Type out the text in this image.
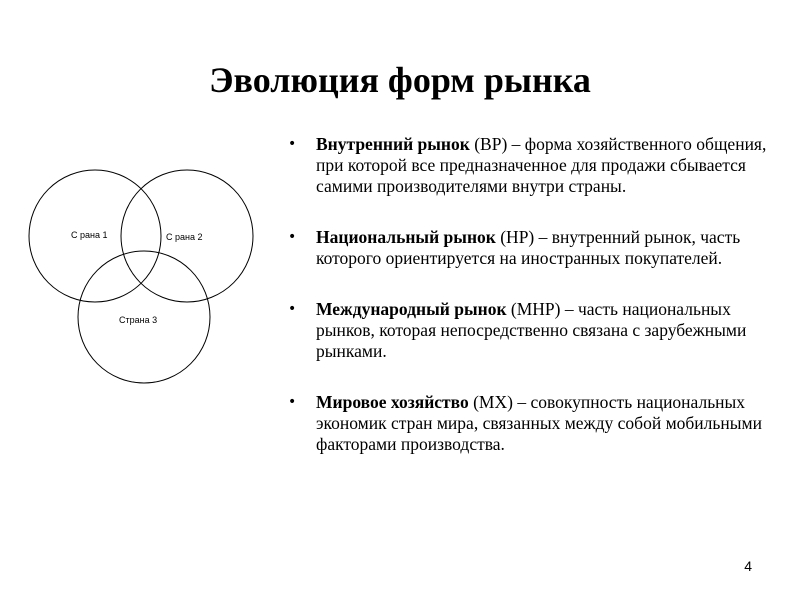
Эволюция форм рынка
С рана 1	С рана 2
Страна 3
• Внутренний рынок (ВР) – форма хозяйственного общения, при которой все предназначенное для продажи сбывается самими производителями внутри страны.
• Национальный рынок (НР) – внутренний рынок, часть которого ориентируется на иностранных покупателей.
• Международный рынок (МНР) – часть национальных рынков, которая непосредственно связана с зарубежными рынками.
• Мировое хозяйство (МХ) – совокупность национальных экономик стран мира, связанных между собой мобильными факторами производства.
4
